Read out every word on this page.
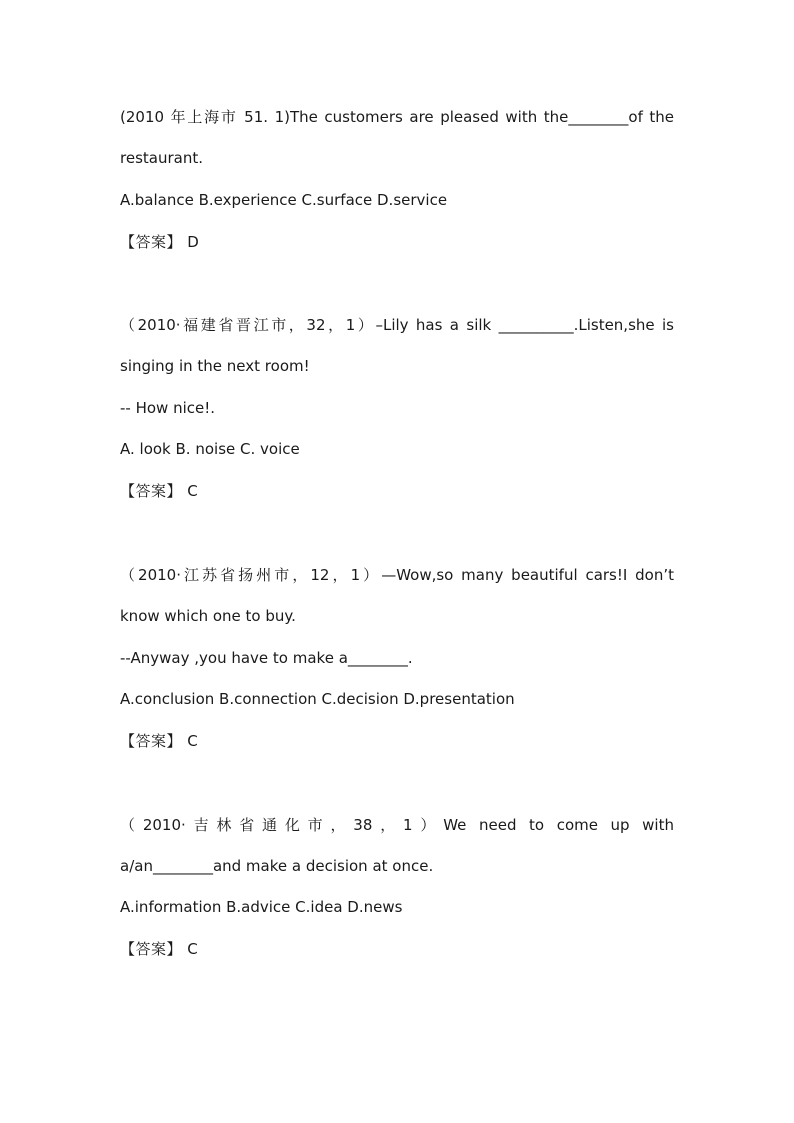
(2010 年上海市 51. 1)The customers are pleased with the________of the
restaurant.
A.balance B.experience C.surface D.service
【答案】 D
（2010·福建省晋江市，32，1）–Lily has a silk __________.Listen,she is
singing in the next room!
-- How nice!.
A. look B. noise C. voice
【答案】 C
（2010·江苏省扬州市，12，1）—Wow,so many beautiful cars!I don’t
know which one to buy.
--Anyway ,you have to make a________.
A.conclusion B.connection C.decision D.presentation
【答案】 C
（2010·吉林省通化市，38，1）We need to come up with
a/an________and make a decision at once.
A.information B.advice C.idea D.news
【答案】 C
